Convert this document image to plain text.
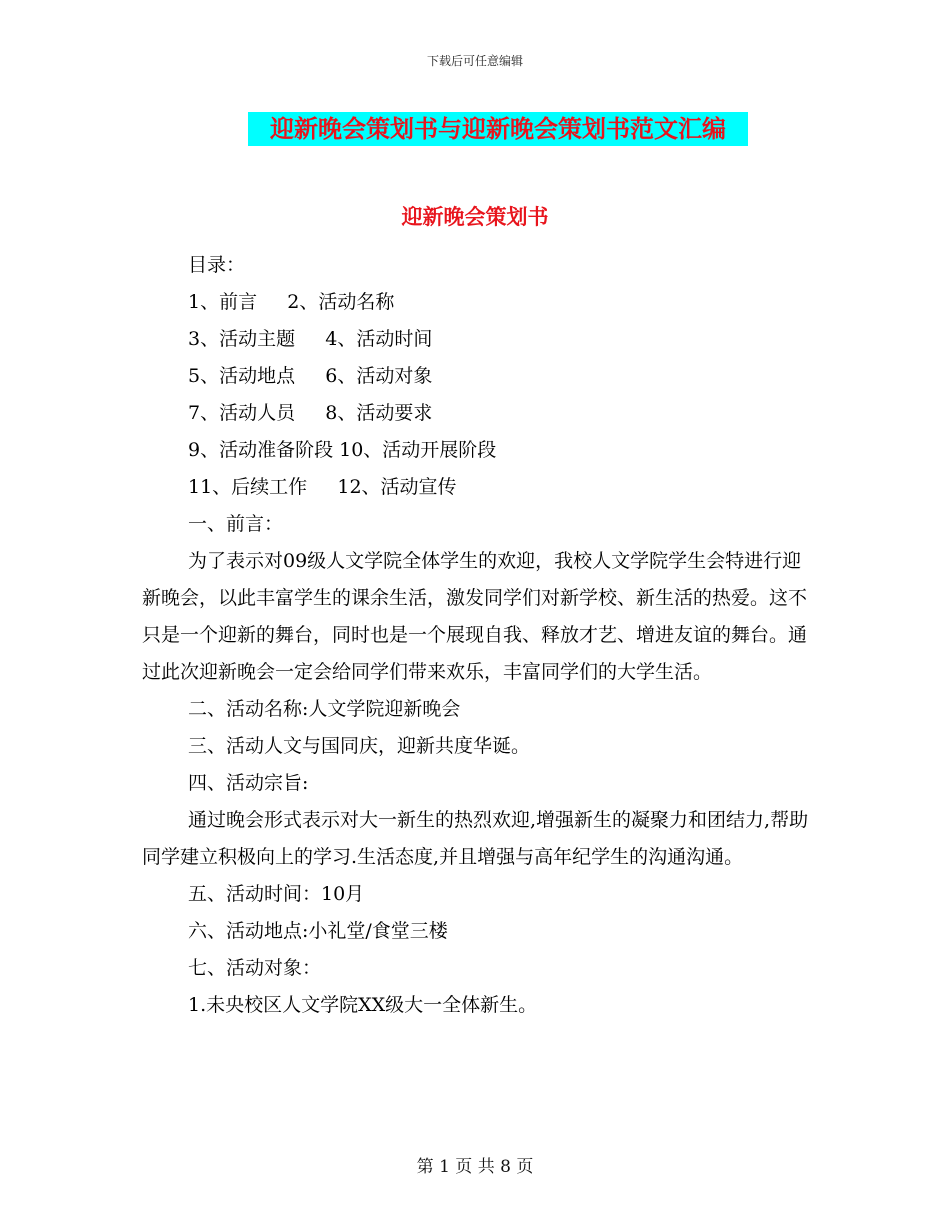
下载后可任意编辑
迎新晚会策划书与迎新晚会策划书范文汇编
迎新晚会策划书
目录：
1、前言     2、活动名称
3、活动主题     4、活动时间
5、活动地点     6、活动对象
7、活动人员     8、活动要求
9、活动准备阶段 10、活动开展阶段
11、后续工作     12、活动宣传
一、前言：
为了表示对09级人文学院全体学生的欢迎，我校人文学院学生会特进行迎新晚会，以此丰富学生的课余生活，激发同学们对新学校、新生活的热爱。这不只是一个迎新的舞台，同时也是一个展现自我、释放才艺、增进友谊的舞台。通过此次迎新晚会一定会给同学们带来欢乐，丰富同学们的大学生活。
二、活动名称:人文学院迎新晚会
三、活动人文与国同庆，迎新共度华诞。
四、活动宗旨:
通过晚会形式表示对大一新生的热烈欢迎,增强新生的凝聚力和团结力,帮助同学建立积极向上的学习.生活态度,并且增强与高年纪学生的沟通沟通。
五、活动时间：10月
六、活动地点:小礼堂/食堂三楼
七、活动对象：
1.未央校区人文学院XX级大一全体新生。
第 1 页 共 8 页
